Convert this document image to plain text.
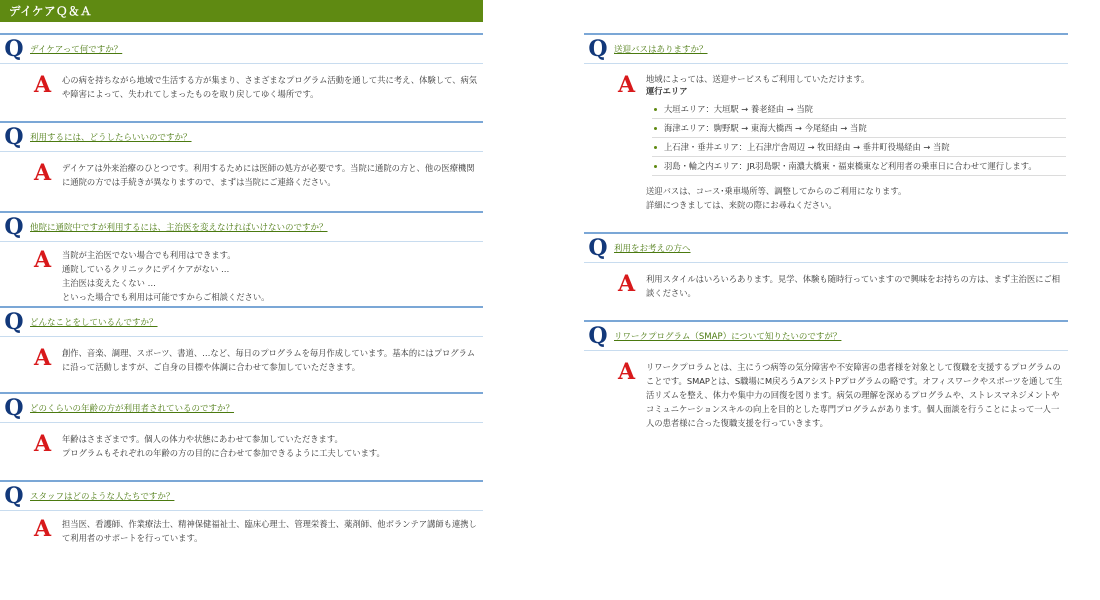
デイケアＱ＆Ａ
Q デイケアって何ですか？
A	心の病を持ちながら地域で生活する方が集まり、さまざまなプログラム活動を通して共に考え、体験して、病気や障害によって、失われてしまったものを取り戻してゆく場所です。

Q 利用するには、どうしたらいいのですか？
A	デイケアは外来治療のひとつです。利用するためには医師の処方が必要です。当院に通院の方と、他の医療機関に通院の方では手続きが異なりますので、まずは当院にご連絡ください。

Q 他院に通院中ですが利用するには、主治医を変えなければいけないのですか？
A	当院が主治医でない場合でも利用はできます。

通院しているクリニックにデイケアがない …

主治医は変えたくない …

といった場合でも利用は可能ですからご相談ください。

Q どんなことをしているんですか？
A	創作、音楽、調理、スポーツ、書道、…など、毎日のプログラムを毎月作成しています。基本的にはプログラムに沿って活動しますが、ご自身の目標や体調に合わせて参加していただきます。

Q どのくらいの年齢の方が利用者されているのですか？
A	年齢はさまざまです。個人の体力や状態にあわせて参加していただきます。

プログラムもそれぞれの年齢の方の目的に合わせて参加できるように工夫しています。

Q スタッフはどのような人たちですか？
A	担当医、看護師、作業療法士、精神保健福祉士、臨床心理士、管理栄養士、薬剤師、他ボランテア講師も連携して利用者のサポートを行っています。

Q 送迎バスはありますか？
A	地域によっては、送迎サービスもご利用していただけます。

運行エリア

大垣エリア：大垣駅 → 養老経由 → 当院
海津エリア：駒野駅 → 東海大橋西 → 今尾経由 → 当院
上石津・垂井エリア：上石津庁舎周辺 → 牧田経由 → 垂井町役場経由 → 当院
羽島・輪之内エリア：JR羽島駅・南濃大橋東・福束橋東など利用者の乗車日に合わせて運行します。

送迎バスは、コース･乗車場所等、調整してからのご利用になります。

詳細につきましては、来院の際にお尋ねください。

Q 利用をお考えの方へ
A	利用スタイルはいろいろあります。見学、体験も随時行っていますので興味をお持ちの方は、まず主治医にご相談ください。

Q リワークプログラム（SMAP）について知りたいのですが？
A	リワークプロラムとは、主にうつ病等の気分障害や不安障害の患者様を対象として復職を支援するプログラムのことです。SMAPとは、S職場にM戻ろうAアシストPプログラムの略です。オフィスワークやスポーツを通して生活リズムを整え、体力や集中力の回復を図ります。病気の理解を深めるプログラムや、ストレスマネジメントやコミュニケーションスキルの向上を目的とした専門プログラムがあります。個人面談を行うことによって一人一人の患者様に合った復職支援を行っていきます。
